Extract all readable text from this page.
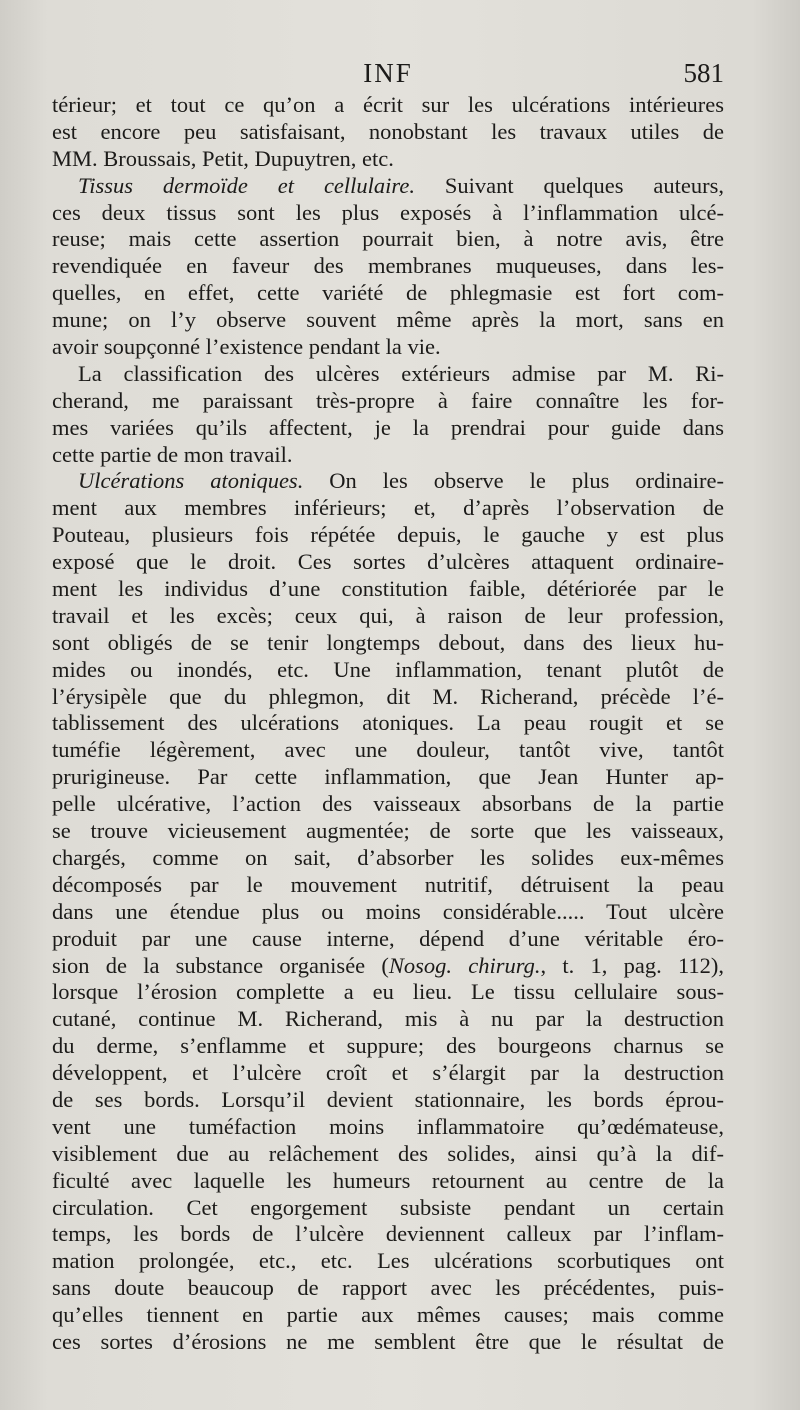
INF	581
térieur; et tout ce qu’on a écrit sur les ulcérations intérieures
est encore peu satisfaisant, nonobstant les travaux utiles de
MM. Broussais, Petit, Dupuytren, etc.
Tissus dermoïde et cellulaire. Suivant quelques auteurs,
ces deux tissus sont les plus exposés à l’inflammation ulcé-
reuse; mais cette assertion pourrait bien, à notre avis, être
revendiquée en faveur des membranes muqueuses, dans les-
quelles, en effet, cette variété de phlegmasie est fort com-
mune; on l’y observe souvent même après la mort, sans en
avoir soupçonné l’existence pendant la vie.
La classification des ulcères extérieurs admise par M. Ri-
cherand, me paraissant très-propre à faire connaître les for-
mes variées qu’ils affectent, je la prendrai pour guide dans
cette partie de mon travail.
Ulcérations atoniques. On les observe le plus ordinaire-
ment aux membres inférieurs; et, d’après l’observation de
Pouteau, plusieurs fois répétée depuis, le gauche y est plus
exposé que le droit. Ces sortes d’ulcères attaquent ordinaire-
ment les individus d’une constitution faible, détériorée par le
travail et les excès; ceux qui, à raison de leur profession,
sont obligés de se tenir longtemps debout, dans des lieux hu-
mides ou inondés, etc. Une inflammation, tenant plutôt de
l’érysipèle que du phlegmon, dit M. Richerand, précède l’é-
tablissement des ulcérations atoniques. La peau rougit et se
tuméfie légèrement, avec une douleur, tantôt vive, tantôt
prurigineuse. Par cette inflammation, que Jean Hunter ap-
pelle ulcérative, l’action des vaisseaux absorbans de la partie
se trouve vicieusement augmentée; de sorte que les vaisseaux,
chargés, comme on sait, d’absorber les solides eux-mêmes
décomposés par le mouvement nutritif, détruisent la peau
dans une étendue plus ou moins considérable..... Tout ulcère
produit par une cause interne, dépend d’une véritable éro-
sion de la substance organisée (Nosog. chirurg., t. 1, pag. 112),
lorsque l’érosion complette a eu lieu. Le tissu cellulaire sous-
cutané, continue M. Richerand, mis à nu par la destruction
du derme, s’enflamme et suppure; des bourgeons charnus se
développent, et l’ulcère croît et s’élargit par la destruction
de ses bords. Lorsqu’il devient stationnaire, les bords éprou-
vent une tuméfaction moins inflammatoire qu’œdémateuse,
visiblement due au relâchement des solides, ainsi qu’à la dif-
ficulté avec laquelle les humeurs retournent au centre de la
circulation. Cet engorgement subsiste pendant un certain
temps, les bords de l’ulcère deviennent calleux par l’inflam-
mation prolongée, etc., etc. Les ulcérations scorbutiques ont
sans doute beaucoup de rapport avec les précédentes, puis-
qu’elles tiennent en partie aux mêmes causes; mais comme
ces sortes d’érosions ne me semblent être que le résultat de
